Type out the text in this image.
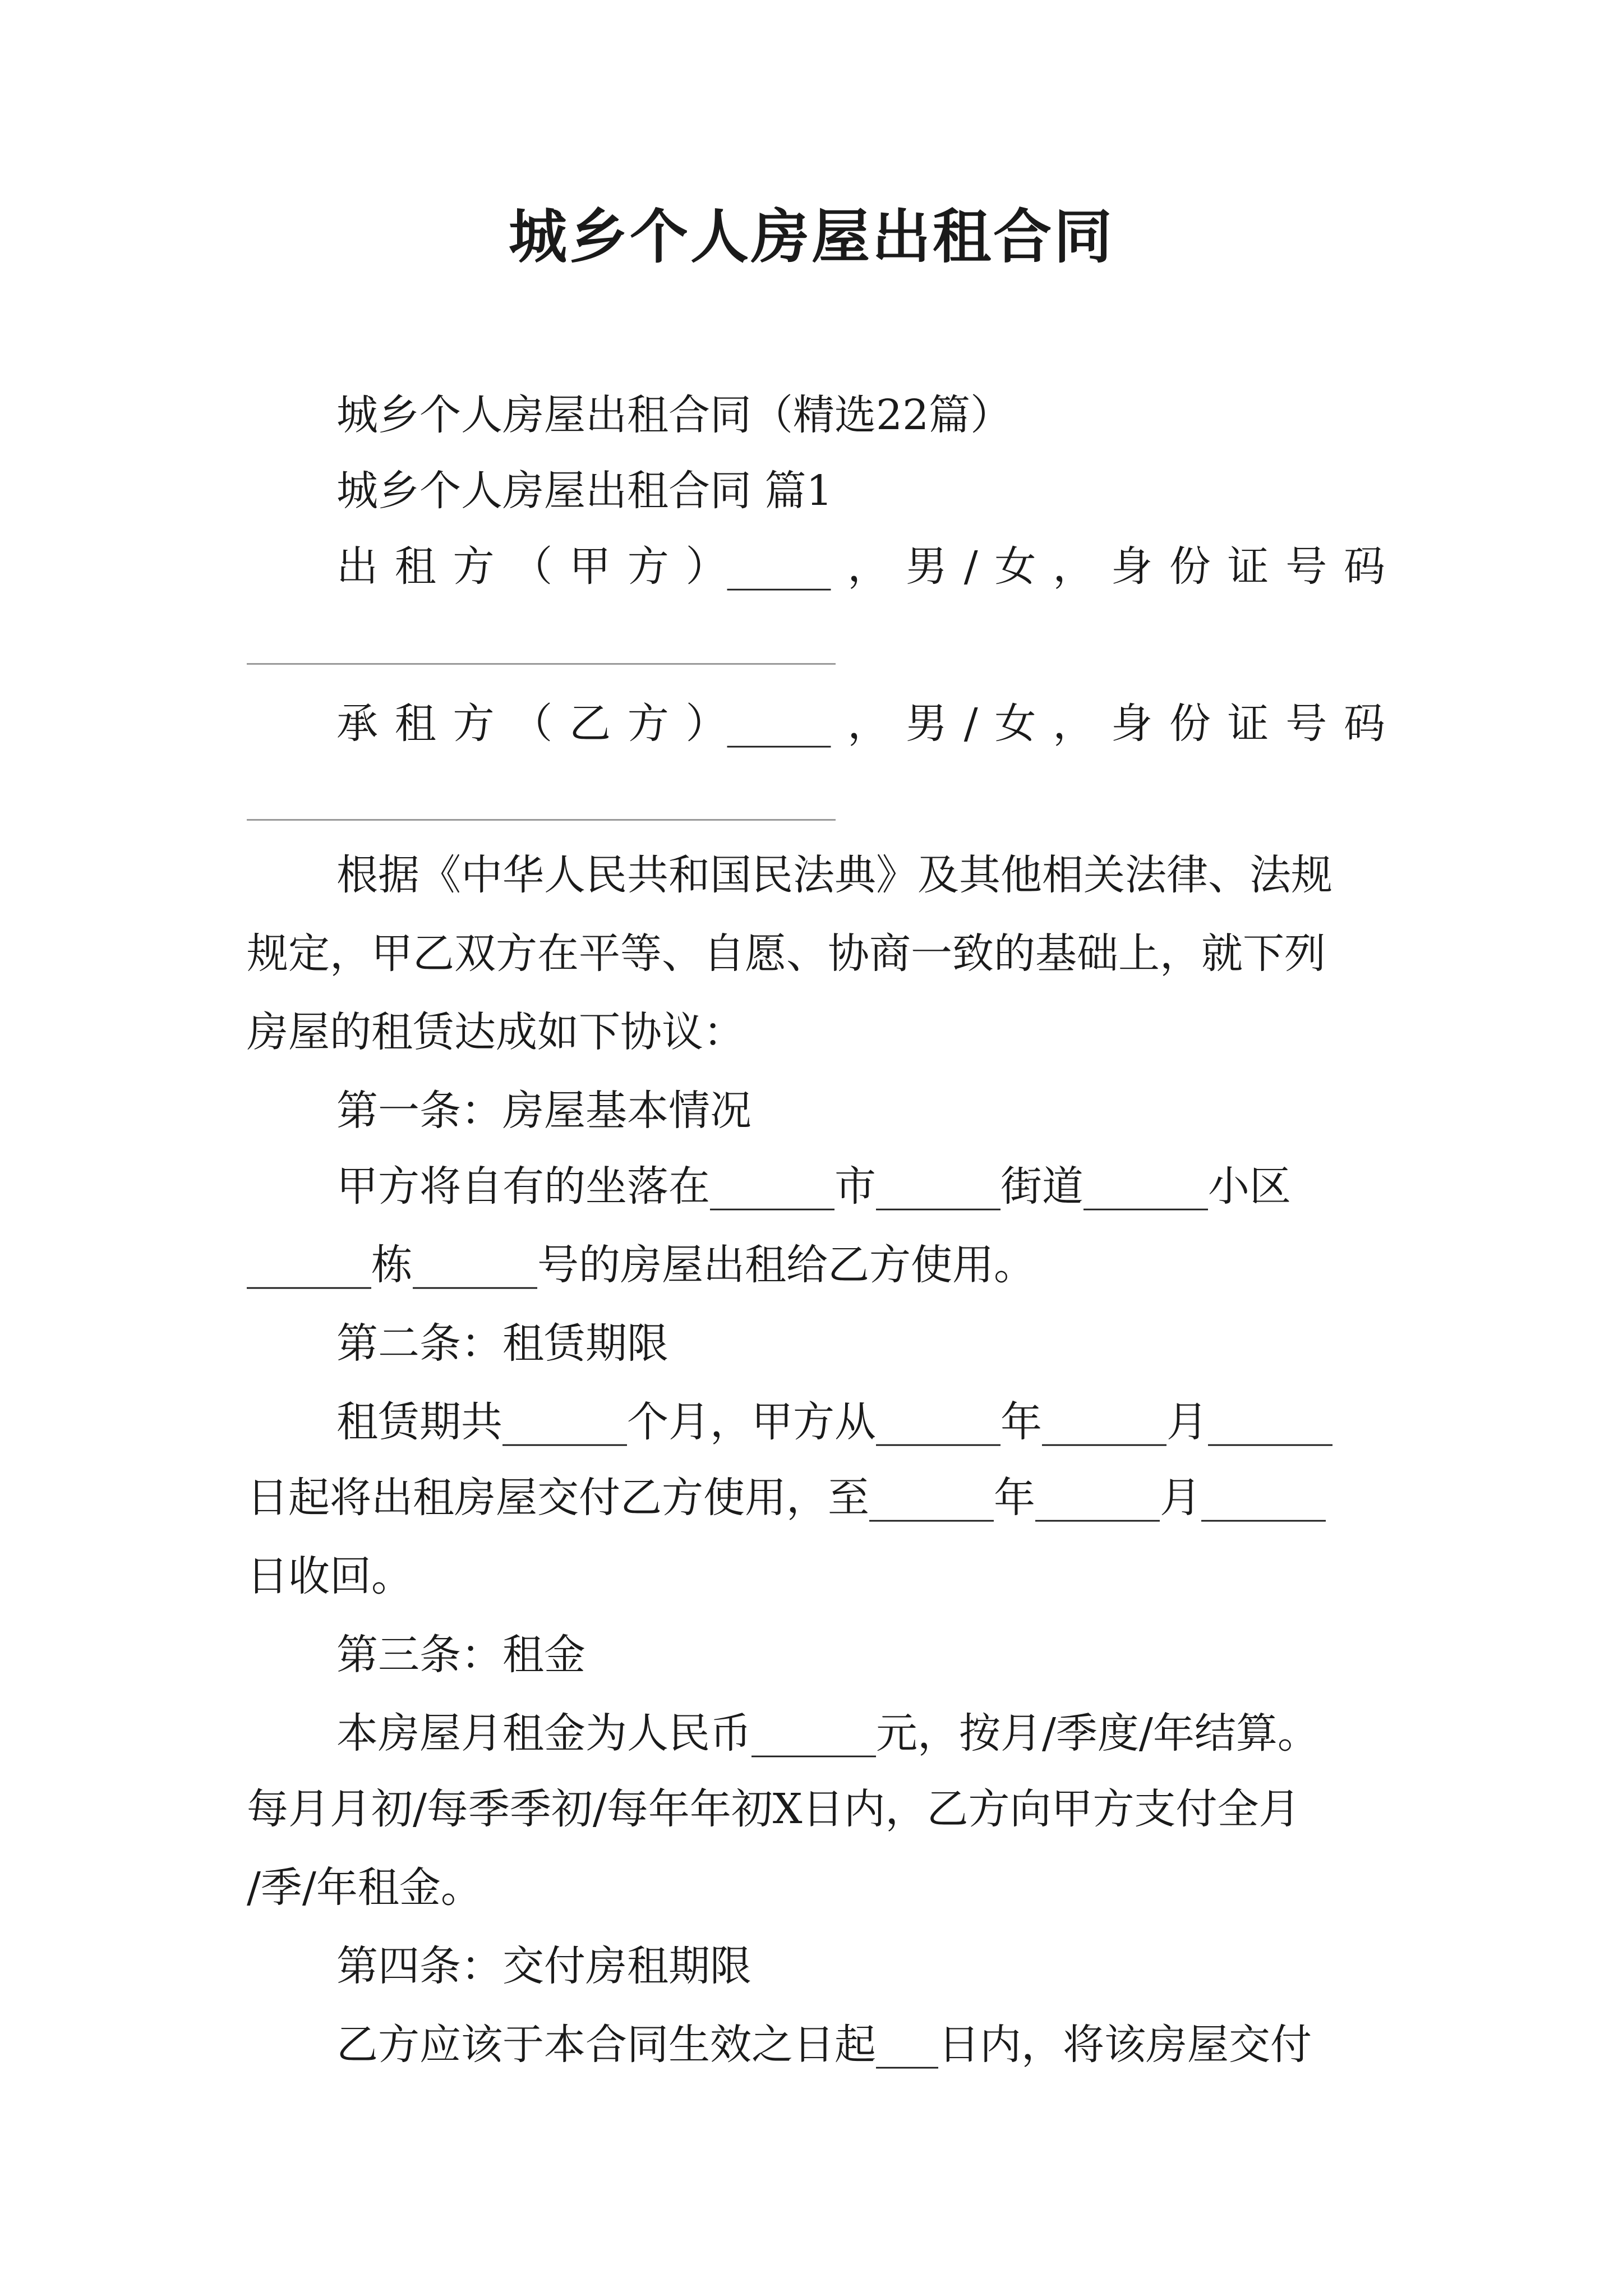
城乡个人房屋出租合同
城乡个人房屋出租合同（精选22篇）
城乡个人房屋出租合同 篇1
出 租 方 （ 甲 方 ）_____ ， 男 / 女 ， 身 份 证 号 码
承 租 方 （ 乙 方 ）_____ ， 男 / 女 ， 身 份 证 号 码
根据《中华人民共和国民法典》及其他相关法律、法规
规定，甲乙双方在平等、自愿、协商一致的基础上，就下列
房屋的租赁达成如下协议：
第一条：房屋基本情况
甲方将自有的坐落在______市______街道______小区
______栋______号的房屋出租给乙方使用。
第二条：租赁期限
租赁期共______个月，甲方从______年______月______
日起将出租房屋交付乙方使用，至______年______月______
日收回。
第三条：租金
本房屋月租金为人民币______元，按月/季度/年结算。
每月月初/每季季初/每年年初X日内，乙方向甲方支付全月
/季/年租金。
第四条：交付房租期限
乙方应该于本合同生效之日起___日内，将该房屋交付
